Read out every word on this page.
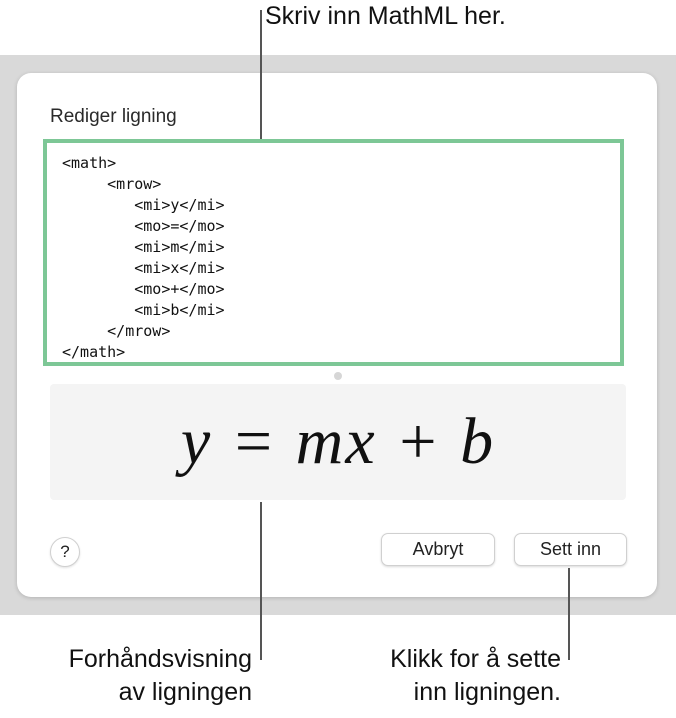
Rediger ligning
<math>
<mrow>
<mi>y</mi>
<mo>=</mo>
<mi>m</mi>
<mi>x</mi>
<mo>+</mo>
<mi>b</mi>
</mrow>
</math>
y = mx + b
?	Avbryt	Sett inn
Skriv inn MathML her.
Forhåndsvisning
av ligningen
Klikk for å sette
inn ligningen.
